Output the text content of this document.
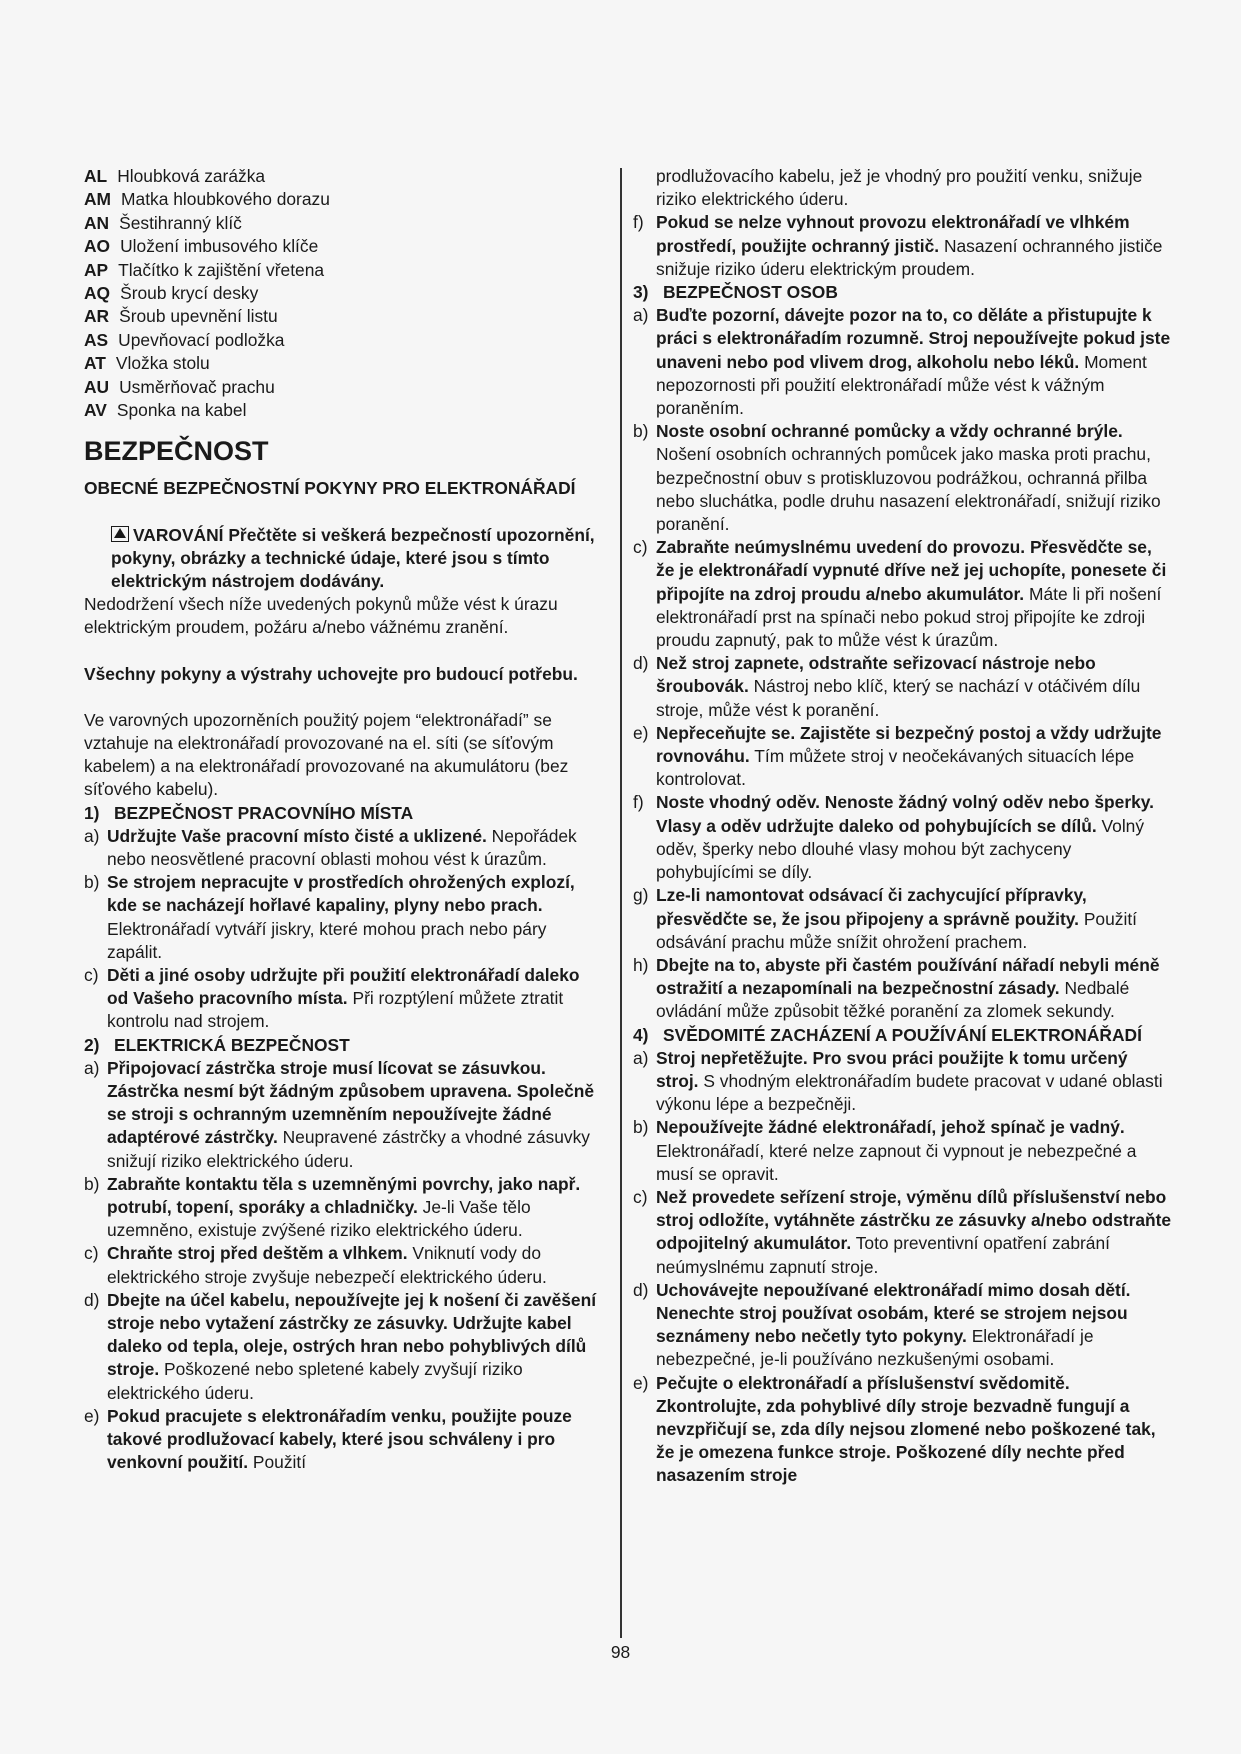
AL Hloubková zarážka
AM Matka hloubkového dorazu
AN Šestihranný klíč
AO Uložení imbusového klíče
AP Tlačítko k zajištění vřetena
AQ Šroub krycí desky
AR Šroub upevnění listu
AS Upevňovací podložka
AT Vložka stolu
AU Usměrňovač prachu
AV Sponka na kabel
BEZPEČNOST
OBECNÉ BEZPEČNOSTNÍ POKYNY PRO ELEKTRONÁŘADÍ

VAROVÁNÍ Přečtěte si veškerá bezpečností upozornění, pokyny, obrázky a technické údaje, které jsou s tímto elektrickým nástrojem dodávány.

Nedodržení všech níže uvedených pokynů může vést k úrazu elektrickým proudem, požáru a/nebo vážnému zranění.

Všechny pokyny a výstrahy uchovejte pro budoucí potřebu.

Ve varovných upozorněních použitý pojem “elektronářadí” se vztahuje na elektronářadí provozované na el. síti (se síťovým kabelem) a na elektronářadí provozované na akumulátoru (bez síťového kabelu).

1) BEZPEČNOST PRACOVNÍHO MÍSTA
a) Udržujte Vaše pracovní místo čisté a uklizené. Nepořádek nebo neosvětlené pracovní oblasti mohou vést k úrazům.
b) Se strojem nepracujte v prostředích ohrožených explozí, kde se nacházejí hořlavé kapaliny, plyny nebo prach. Elektronářadí vytváří jiskry, které mohou prach nebo páry zapálit.
c) Děti a jiné osoby udržujte při použití elektronářadí daleko od Vašeho pracovního místa. Při rozptýlení můžete ztratit kontrolu nad strojem.
2) ELEKTRICKÁ BEZPEČNOST
a) Připojovací zástrčka stroje musí lícovat se zásuvkou. Zástrčka nesmí být žádným způsobem upravena. Společně se stroji s ochranným uzemněním nepoužívejte žádné adaptérové zástrčky. Neupravené zástrčky a vhodné zásuvky snižují riziko elektrického úderu.
b) Zabraňte kontaktu těla s uzemněnými povrchy, jako např. potrubí, topení, sporáky a chladničky. Je-li Vaše tělo uzemněno, existuje zvýšené riziko elektrického úderu.
c) Chraňte stroj před deštěm a vlhkem. Vniknutí vody do elektrického stroje zvyšuje nebezpečí elektrického úderu.
d) Dbejte na účel kabelu, nepoužívejte jej k nošení či zavěšení stroje nebo vytažení zástrčky ze zásuvky. Udržujte kabel daleko od tepla, oleje, ostrých hran nebo pohyblivých dílů stroje. Poškozené nebo spletené kabely zvyšují riziko elektrického úderu.
e) Pokud pracujete s elektronářadím venku, použijte pouze takové prodlužovací kabely, které jsou schváleny i pro venkovní použití. Použití

prodlužovacího kabelu, jež je vhodný pro použití venku, snižuje riziko elektrického úderu.

f) Pokud se nelze vyhnout provozu elektronářadí ve vlhkém prostředí, použijte ochranný jistič. Nasazení ochranného jističe snižuje riziko úderu elektrickým proudem.
3) BEZPEČNOST OSOB
a) Buďte pozorní, dávejte pozor na to, co děláte a přistupujte k práci s elektronářadím rozumně. Stroj nepoužívejte pokud jste unaveni nebo pod vlivem drog, alkoholu nebo léků. Moment nepozornosti při použití elektronářadí může vést k vážným poraněním.
b) Noste osobní ochranné pomůcky a vždy ochranné brýle. Nošení osobních ochranných pomůcek jako maska proti prachu, bezpečnostní obuv s protiskluzovou podrážkou, ochranná přilba nebo sluchátka, podle druhu nasazení elektronářadí, snižují riziko poranění.
c) Zabraňte neúmyslnému uvedení do provozu. Přesvědčte se, že je elektronářadí vypnuté dříve než jej uchopíte, ponesete či připojíte na zdroj proudu a/nebo akumulátor. Máte li při nošení elektronářadí prst na spínači nebo pokud stroj připojíte ke zdroji proudu zapnutý, pak to může vést k úrazům.
d) Než stroj zapnete, odstraňte seřizovací nástroje nebo šroubovák. Nástroj nebo klíč, který se nachází v otáčivém dílu stroje, může vést k poranění.
e) Nepřeceňujte se. Zajistěte si bezpečný postoj a vždy udržujte rovnováhu. Tím můžete stroj v neočekávaných situacích lépe kontrolovat.
f) Noste vhodný oděv. Nenoste žádný volný oděv nebo šperky. Vlasy a oděv udržujte daleko od pohybujících se dílů. Volný oděv, šperky nebo dlouhé vlasy mohou být zachyceny pohybujícími se díly.
g) Lze-li namontovat odsávací či zachycující přípravky, přesvědčte se, že jsou připojeny a správně použity. Použití odsávání prachu může snížit ohrožení prachem.
h) Dbejte na to, abyste při častém používání nářadí nebyli méně ostražití a nezapomínali na bezpečnostní zásady. Nedbalé ovládání může způsobit těžké poranění za zlomek sekundy.
4) SVĚDOMITÉ ZACHÁZENÍ A POUŽÍVÁNÍ ELEKTRONÁŘADÍ
a) Stroj nepřetěžujte. Pro svou práci použijte k tomu určený stroj. S vhodným elektronářadím budete pracovat v udané oblasti výkonu lépe a bezpečněji.
b) Nepoužívejte žádné elektronářadí, jehož spínač je vadný. Elektronářadí, které nelze zapnout či vypnout je nebezpečné a musí se opravit.
c) Než provedete seřízení stroje, výměnu dílů příslušenství nebo stroj odložíte, vytáhněte zástrčku ze zásuvky a/nebo odstraňte odpojitelný akumulátor. Toto preventivní opatření zabrání neúmyslnému zapnutí stroje.
d) Uchovávejte nepoužívané elektronářadí mimo dosah dětí. Nenechte stroj používat osobám, které se strojem nejsou seznámeny nebo nečetly tyto pokyny. Elektronářadí je nebezpečné, je-li používáno nezkušenými osobami.
e) Pečujte o elektronářadí a příslušenství svědomitě. Zkontrolujte, zda pohyblivé díly stroje bezvadně fungují a nevzpřičují se, zda díly nejsou zlomené nebo poškozené tak, že je omezena funkce stroje. Poškozené díly nechte před nasazením stroje
98
